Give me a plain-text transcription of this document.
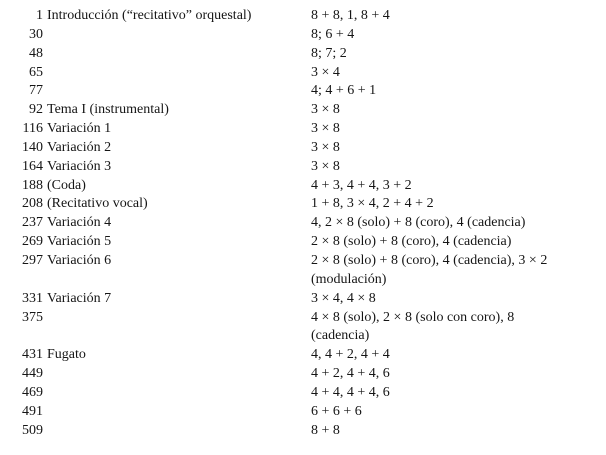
1 Introducción (“recitativo” orquestal)	8 + 8, 1, 8 + 4
30	8; 6 + 4
48	8; 7; 2
65	3 × 4
77	4; 4 + 6 + 1
92 Tema I (instrumental)	3 × 8
116 Variación 1	3 × 8
140 Variación 2	3 × 8
164 Variación 3	3 × 8
188 (Coda)	4 + 3, 4 + 4, 3 + 2
208 (Recitativo vocal)	1 + 8, 3 × 4, 2 + 4 + 2
237 Variación 4	4, 2 × 8 (solo) + 8 (coro), 4 (cadencia)
269 Variación 5	2 × 8 (solo) + 8 (coro), 4 (cadencia)
297 Variación 6	2 × 8 (solo) + 8 (coro), 4 (cadencia), 3 × 2
(modulación)
331 Variación 7	3 × 4, 4 × 8
375	4 × 8 (solo), 2 × 8 (solo con coro), 8
(cadencia)
431 Fugato	4, 4 + 2, 4 + 4
449	4 + 2, 4 + 4, 6
469	4 + 4, 4 + 4, 6
491	6 + 6 + 6
509	8 + 8
